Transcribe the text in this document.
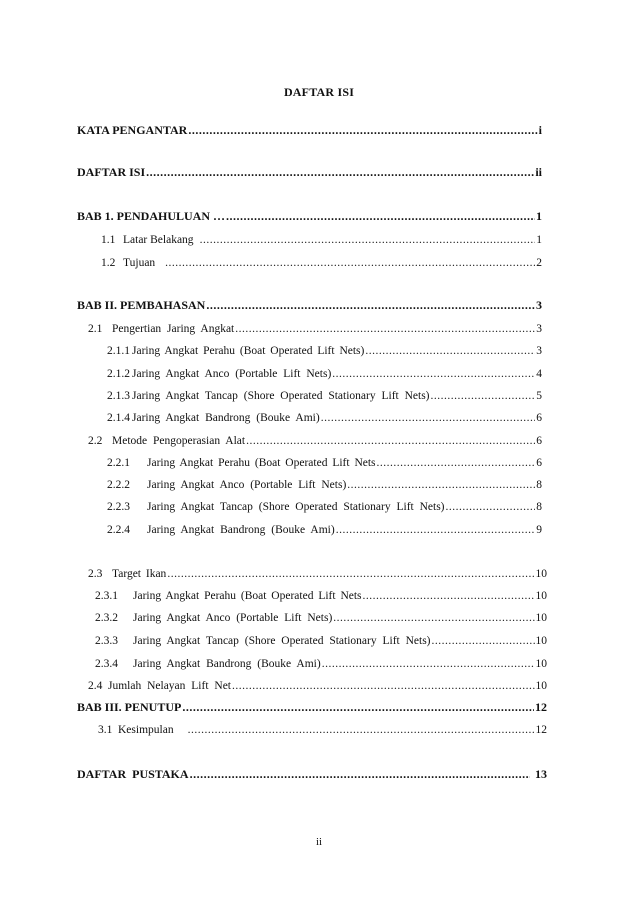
DAFTAR ISI
KATA PENGANTAR .....	i
DAFTAR ISI .....	ii
BAB 1. PENDAHULUAN … .....	1
1.1 Latar Belakang .....	1
1.2 Tujuan .....	2
BAB II. PEMBAHASAN .....	3
2.1 Pengertian Jaring Angkat .....	3
2.1.1 Jaring Angkat Perahu (Boat Operated Lift Nets) .....	3
2.1.2 Jaring Angkat Anco (Portable Lift Nets) .....	4
2.1.3 Jaring Angkat Tancap (Shore Operated Stationary Lift Nets) .....	5
2.1.4 Jaring Angkat Bandrong (Bouke Ami) .....	6
2.2 Metode Pengoperasian Alat .....	6
2.2.1	Jaring Angkat Perahu (Boat Operated Lift Nets .....	6
2.2.2	Jaring Angkat Anco (Portable Lift Nets) .....	8
2.2.3	Jaring Angkat Tancap (Shore Operated Stationary Lift Nets) .....	8
2.2.4	Jaring Angkat Bandrong (Bouke Ami) .....	9
2.3 Target Ikan .....	10
2.3.1	Jaring Angkat Perahu (Boat Operated Lift Nets .....	10
2.3.2	Jaring Angkat Anco (Portable Lift Nets) .....	10
2.3.3	Jaring Angkat Tancap (Shore Operated Stationary Lift Nets) .....	10
2.3.4	Jaring Angkat Bandrong (Bouke Ami) .....	10
2.4 Jumlah Nelayan Lift Net .....	10
BAB III. PENUTUP .....	12
3.1 Kesimpulan .....	12
DAFTAR PUSTAKA .....	13
ii
